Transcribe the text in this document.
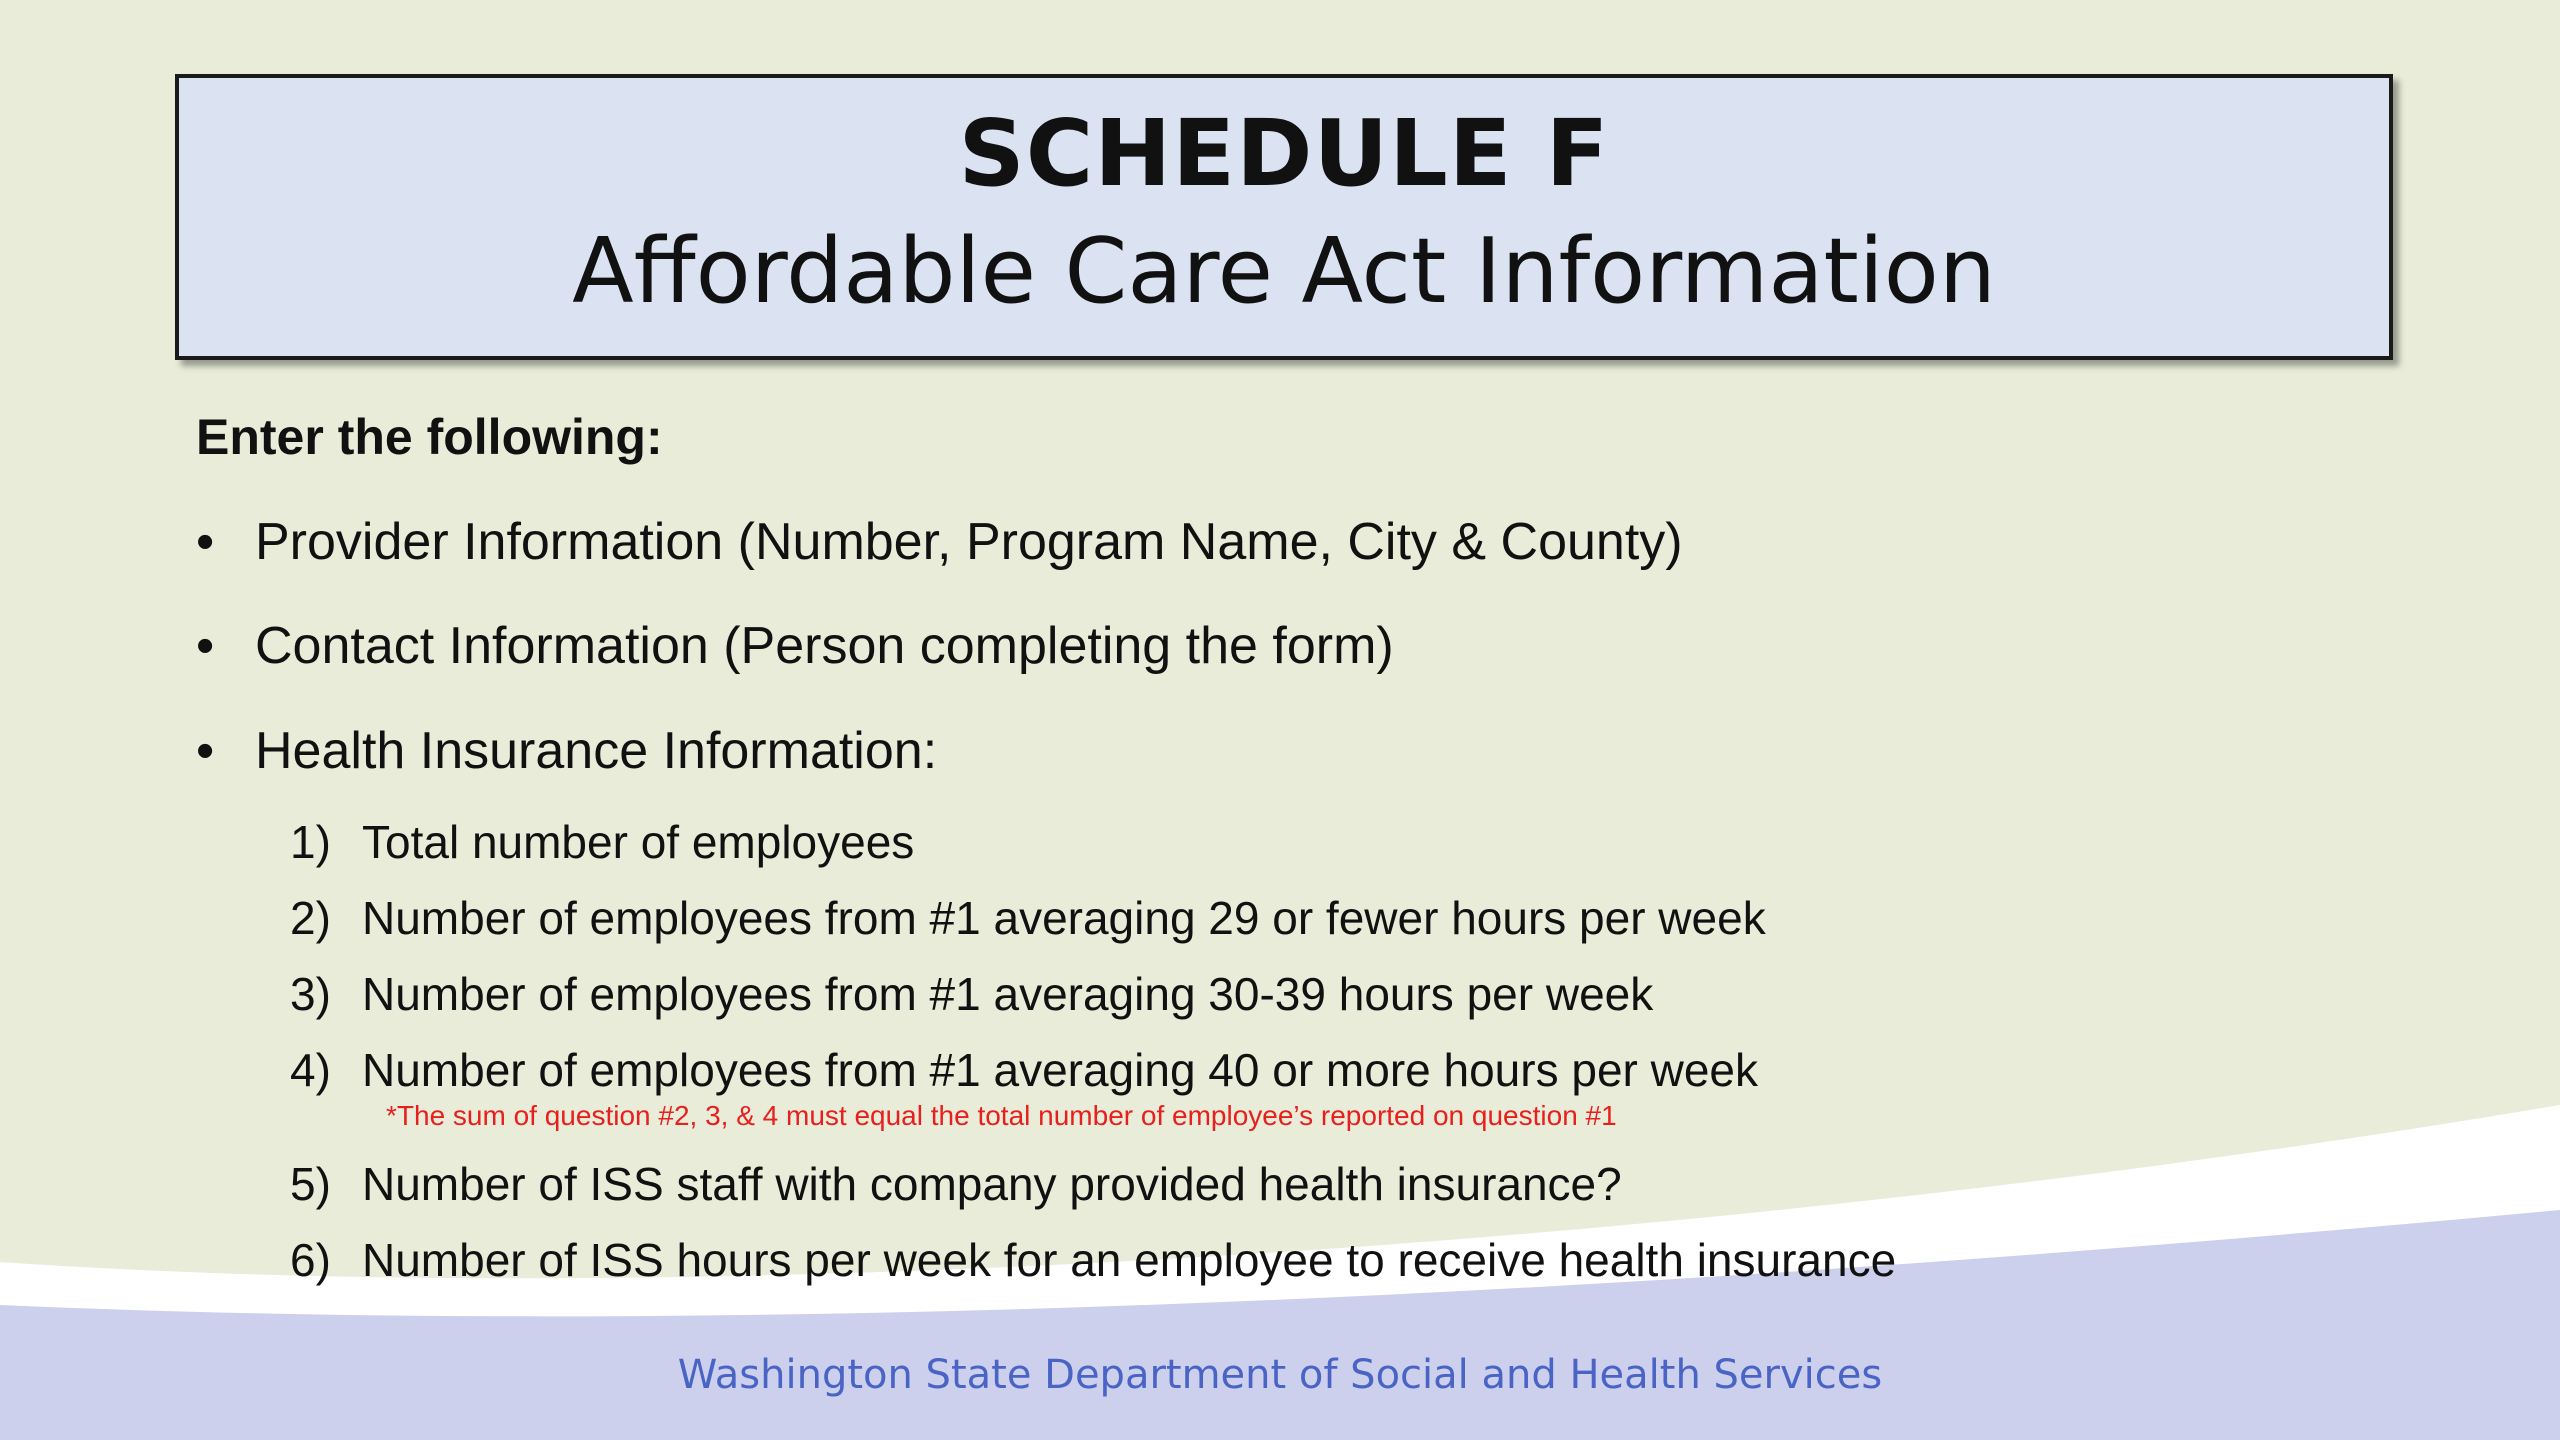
SCHEDULE F
Affordable Care Act Information
Enter the following:
• Provider Information (Number, Program Name, City & County)
• Contact Information (Person completing the form)
• Health Insurance Information:
1) Total number of employees
2) Number of employees from #1 averaging 29 or fewer hours per week
3) Number of employees from #1 averaging 30-39 hours per week
4) Number of employees from #1 averaging 40 or more hours per week
*The sum of question #2, 3, & 4 must equal the total number of employee’s reported on question #1
5) Number of ISS staff with company provided health insurance?
6) Number of ISS hours per week for an employee to receive health insurance
Washington State Department of Social and Health Services
